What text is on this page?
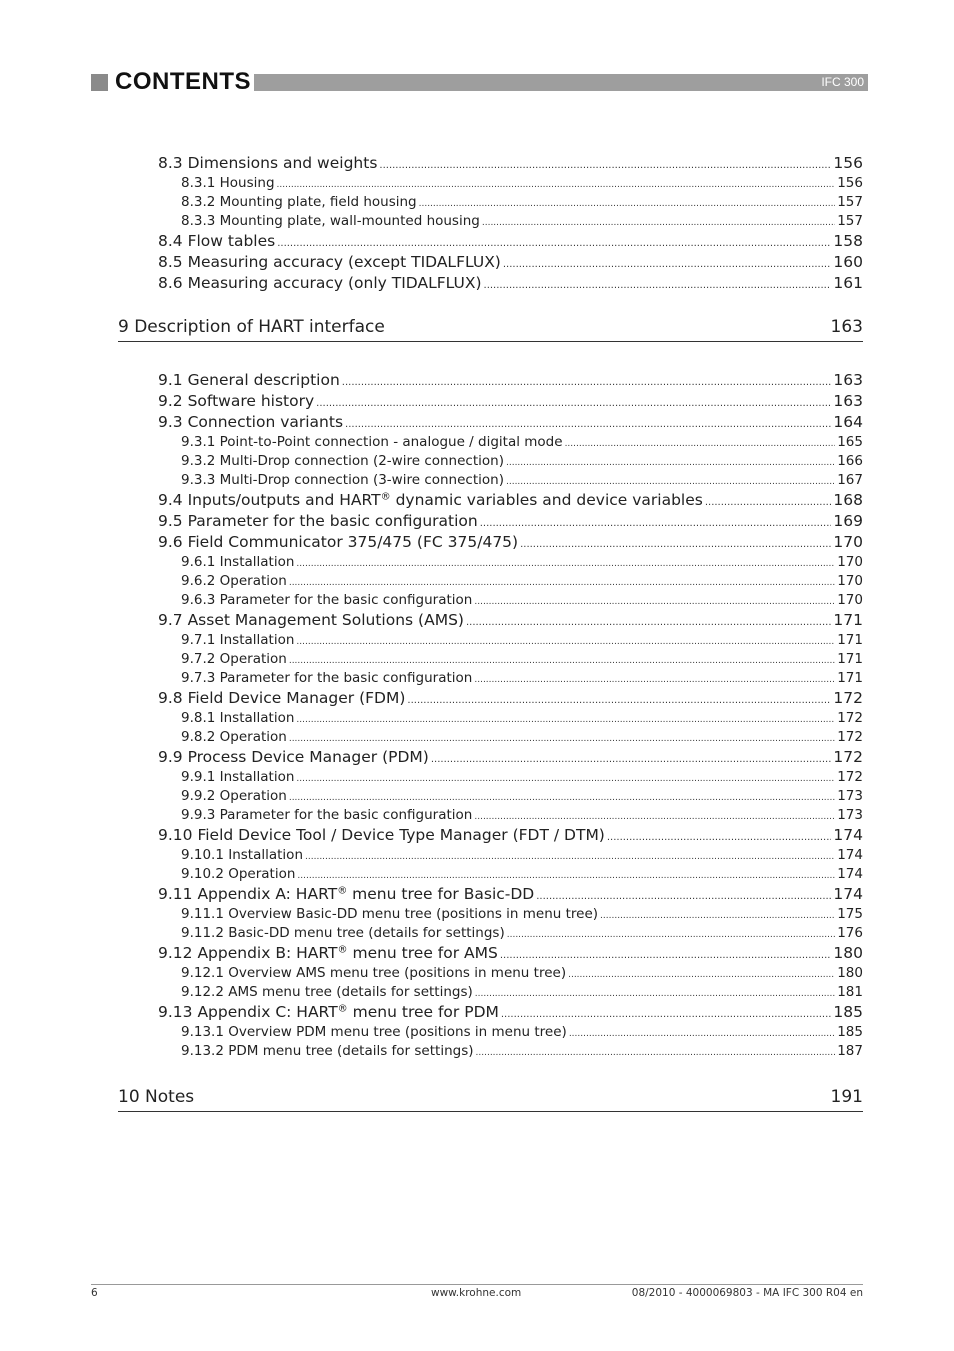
CONTENTS	IFC 300
9 Description of HART interface	163
10 Notes	191
8.3 Dimensions and weights .....	156
8.3.1 Housing .....	156
8.3.2 Mounting plate, field housing .....	157
8.3.3 Mounting plate, wall-mounted housing .....	157
8.4 Flow tables .....	158
8.5 Measuring accuracy (except TIDALFLUX) .....	160
8.6 Measuring accuracy (only TIDALFLUX) .....	161
9.1 General description .....	163
9.2 Software history .....	163
9.3 Connection variants .....	164
9.3.1 Point-to-Point connection - analogue / digital mode .....	165
9.3.2 Multi-Drop connection (2-wire connection) .....	166
9.3.3 Multi-Drop connection (3-wire connection) .....	167
9.4 Inputs/outputs and HART® dynamic variables and device variables .....	168
9.5 Parameter for the basic configuration .....	169
9.6 Field Communicator 375/475 (FC 375/475) .....	170
9.6.1 Installation .....	170
9.6.2 Operation .....	170
9.6.3 Parameter for the basic configuration .....	170
9.7 Asset Management Solutions (AMS) .....	171
9.7.1 Installation .....	171
9.7.2 Operation .....	171
9.7.3 Parameter for the basic configuration .....	171
9.8 Field Device Manager (FDM) .....	172
9.8.1 Installation .....	172
9.8.2 Operation .....	172
9.9 Process Device Manager (PDM) .....	172
9.9.1 Installation .....	172
9.9.2 Operation .....	173
9.9.3 Parameter for the basic configuration .....	173
9.10 Field Device Tool / Device Type Manager (FDT / DTM) .....	174
9.10.1 Installation .....	174
9.10.2 Operation .....	174
9.11 Appendix A: HART® menu tree for Basic-DD .....	174
9.11.1 Overview Basic-DD menu tree (positions in menu tree) .....	175
9.11.2 Basic-DD menu tree (details for settings) .....	176
9.12 Appendix B: HART® menu tree for AMS .....	180
9.12.1 Overview AMS menu tree (positions in menu tree) .....	180
9.12.2 AMS menu tree (details for settings) .....	181
9.13 Appendix C: HART® menu tree for PDM .....	185
9.13.1 Overview PDM menu tree (positions in menu tree) .....	185
9.13.2 PDM menu tree (details for settings) .....	187
6	www.krohne.com	08/2010 - 4000069803 - MA IFC 300 R04 en
